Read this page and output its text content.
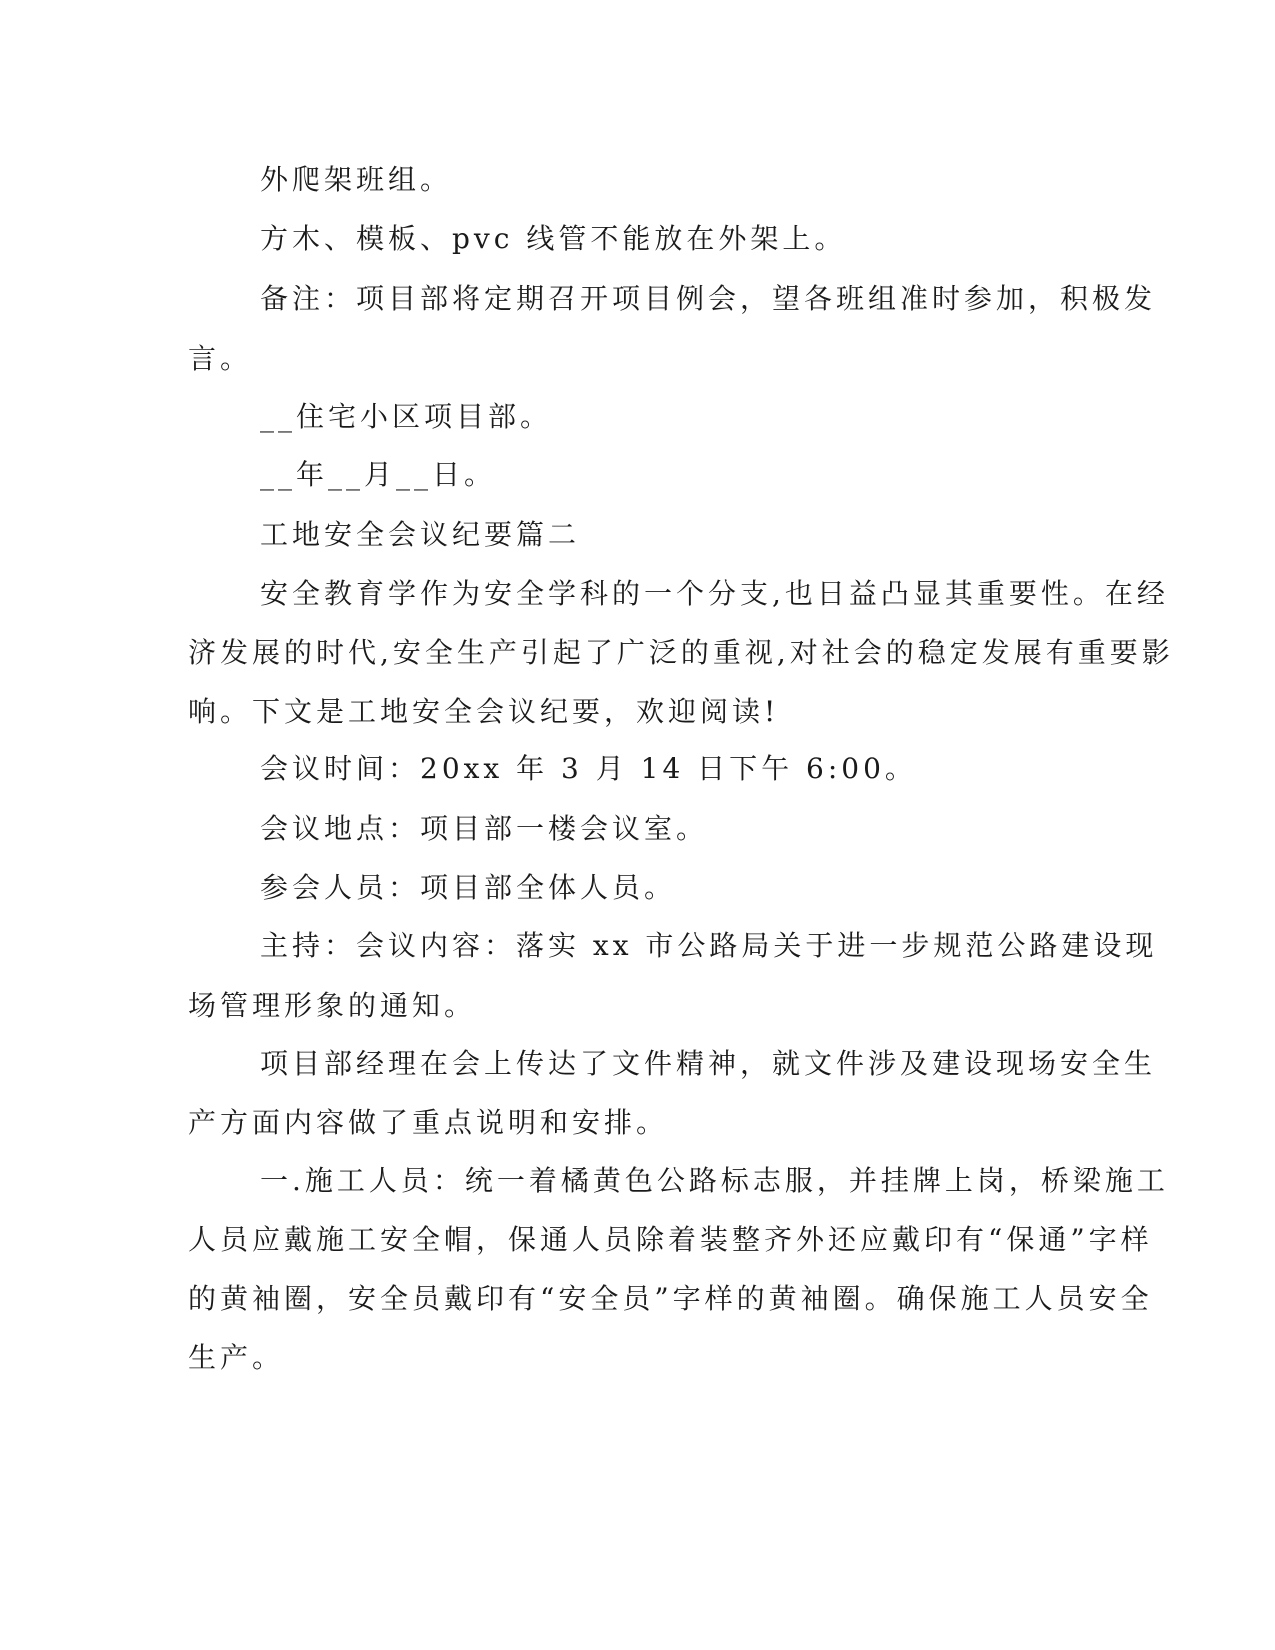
外爬架班组。
方木、模板、pvc 线管不能放在外架上。
备注：项目部将定期召开项目例会，望各班组准时参加，积极发
言。
__住宅小区项目部。
__年__月__日。
工地安全会议纪要篇二
安全教育学作为安全学科的一个分支,也日益凸显其重要性。在经
济发展的时代,安全生产引起了广泛的重视,对社会的稳定发展有重要影
响。下文是工地安全会议纪要，欢迎阅读!
会议时间：20xx 年 3 月 14 日下午 6:00。
会议地点：项目部一楼会议室。
参会人员：项目部全体人员。
主持：会议内容：落实 xx 市公路局关于进一步规范公路建设现
场管理形象的通知。
项目部经理在会上传达了文件精神，就文件涉及建设现场安全生
产方面内容做了重点说明和安排。
一.施工人员：统一着橘黄色公路标志服，并挂牌上岗，桥梁施工
人员应戴施工安全帽，保通人员除着装整齐外还应戴印有“保通”字样
的黄袖圈，安全员戴印有“安全员”字样的黄袖圈。确保施工人员安全
生产。
